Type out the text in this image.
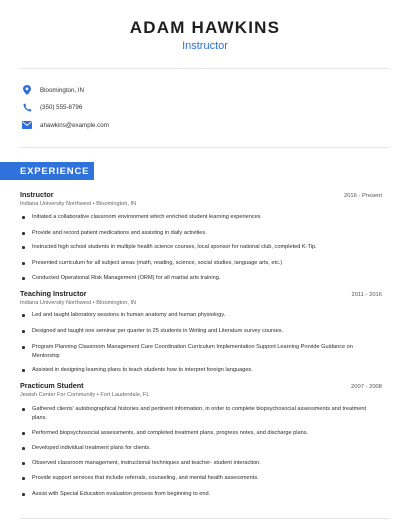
ADAM HAWKINS
Instructor
Bloomington, IN
(350) 555-8796
ahawkins@example.com
EXPERIENCE
Instructor	2016 - Present
Indiana University Northwest • Bloomington, IN
Initiated a collaborative classroom environment which enriched student learning experiences
Provide and record patient medications and assisting in daily activities.
Instructed high school students in multiple health science courses, local sponsor for national club, completed K-Tip.
Presented curriculum for all subject areas (math, reading, science, social studies, language arts, etc.)
Conducted Operational Risk Management (ORM) for all martial arts training.
Teaching Instructor	2011 - 2016
Indiana University Northwest • Bloomington, IN
Led and taught laboratory sessions in human anatomy and human physiology.
Designed and taught one seminar per quarter to 25 students in Writing and Literature survey courses.
Program Planning Classroom Management Care Coordination Curriculum Implementation Support Learning Provide Guidance on Mentorship
Assisted in designing learning plans to teach students how to interpret foreign languages.
Practicum Student	2007 - 2008
Jewish Center For Community • Fort Lauderdale, FL
Gathered clients' autobiographical histories and pertinent information, in order to complete biopsychosocial assessments and treatment plans.
Performed biopsychosocial assessments, and completed treatment plans, progress notes, and discharge plans.
Developed individual treatment plans for clients.
Observed classroom management, instructional techniques and teacher- student interaction.
Provide support services that include referrals, counseling, and mental health assessments.
Assist with Special Education evaluation process from beginning to end.
